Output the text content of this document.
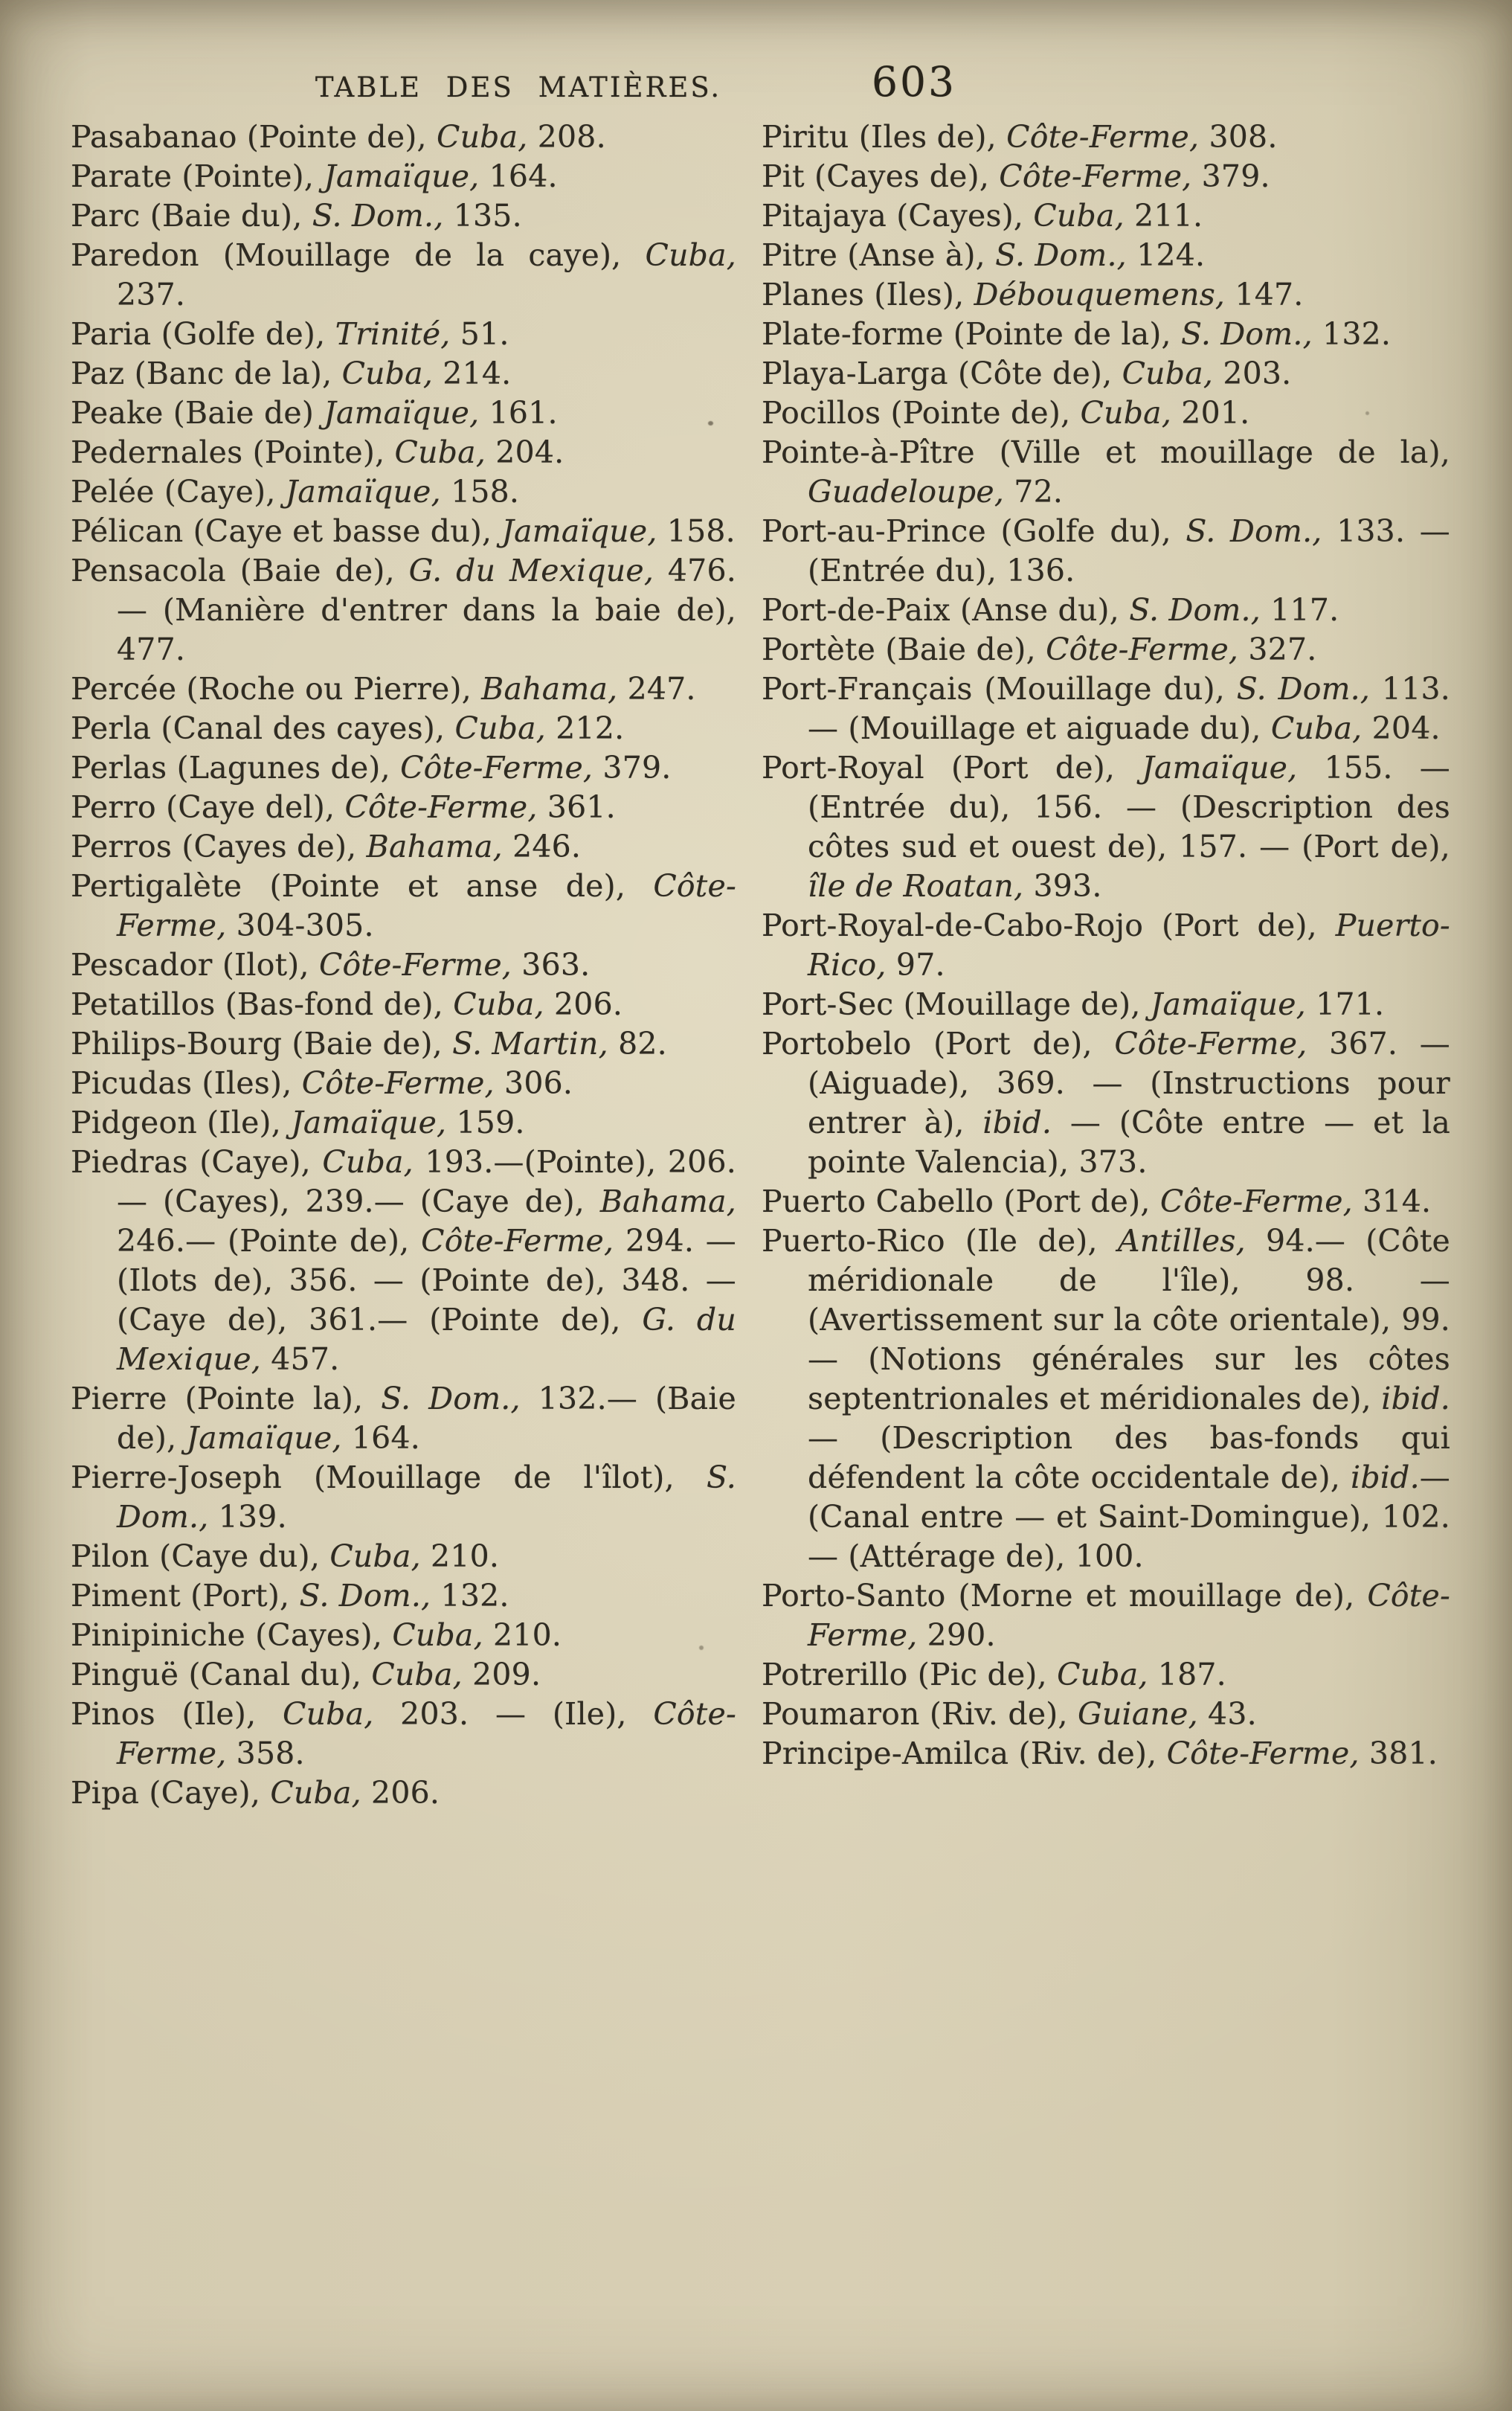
TABLE DES MATIÈRES.	603

Pasabanao (Pointe de), Cuba, 208.

Parate (Pointe), Jamaïque, 164.

Parc (Baie du), S. Dom., 135.

Paredon (Mouillage de la caye), Cuba, 237.

Paria (Golfe de), Trinité, 51.

Paz (Banc de la), Cuba, 214.

Peake (Baie de) Jamaïque, 161.

Pedernales (Pointe), Cuba, 204.

Pelée (Caye), Jamaïque, 158.

Pélican (Caye et basse du), Jamaïque, 158.

Pensacola (Baie de), G. du Mexique, 476. — (Manière d'entrer dans la baie de), 477.

Percée (Roche ou Pierre), Bahama, 247.

Perla (Canal des cayes), Cuba, 212.

Perlas (Lagunes de), Côte-Ferme, 379.

Perro (Caye del), Côte-Ferme, 361.

Perros (Cayes de), Bahama, 246.

Pertigalète (Pointe et anse de), Côte-Ferme, 304-305.

Pescador (Ilot), Côte-Ferme, 363.

Petatillos (Bas-fond de), Cuba, 206.

Philips-Bourg (Baie de), S. Martin, 82.

Picudas (Iles), Côte-Ferme, 306.

Pidgeon (Ile), Jamaïque, 159.

Piedras (Caye), Cuba, 193.—(Pointe), 206.— (Cayes), 239.— (Caye de), Bahama, 246.— (Pointe de), Côte-Ferme, 294. — (Ilots de), 356. — (Pointe de), 348. — (Caye de), 361.— (Pointe de), G. du Mexique, 457.

Pierre (Pointe la), S. Dom., 132.— (Baie de), Jamaïque, 164.

Pierre-Joseph (Mouillage de l'îlot), S. Dom., 139.

Pilon (Caye du), Cuba, 210.

Piment (Port), S. Dom., 132.

Pinipiniche (Cayes), Cuba, 210.

Pinguë (Canal du), Cuba, 209.

Pinos (Ile), Cuba, 203. — (Ile), Côte-Ferme, 358.

Pipa (Caye), Cuba, 206.

Piritu (Iles de), Côte-Ferme, 308.

Pit (Cayes de), Côte-Ferme, 379.

Pitajaya (Cayes), Cuba, 211.

Pitre (Anse à), S. Dom., 124.

Planes (Iles), Débouquemens, 147.

Plate-forme (Pointe de la), S. Dom., 132.

Playa-Larga (Côte de), Cuba, 203.

Pocillos (Pointe de), Cuba, 201.

Pointe-à-Pître (Ville et mouillage de la), Guadeloupe, 72.

Port-au-Prince (Golfe du), S. Dom., 133. — (Entrée du), 136.

Port-de-Paix (Anse du), S. Dom., 117.

Portète (Baie de), Côte-Ferme, 327.

Port-Français (Mouillage du), S. Dom., 113. — (Mouillage et aiguade du), Cuba, 204.

Port-Royal (Port de), Jamaïque, 155. — (Entrée du), 156. — (Description des côtes sud et ouest de), 157. — (Port de), île de Roatan, 393.

Port-Royal-de-Cabo-Rojo (Port de), Puerto-Rico, 97.

Port-Sec (Mouillage de), Jamaïque, 171.

Portobelo (Port de), Côte-Ferme, 367. — (Aiguade), 369. — (Instructions pour entrer à), ibid. — (Côte entre — et la pointe Valencia), 373.

Puerto Cabello (Port de), Côte-Ferme, 314.

Puerto-Rico (Ile de), Antilles, 94.— (Côte méridionale de l'île), 98. — (Avertissement sur la côte orientale), 99. — (Notions générales sur les côtes septentrionales et méridionales de), ibid. — (Description des bas-fonds qui défendent la côte occidentale de), ibid.— (Canal entre — et Saint-Domingue), 102. — (Attérage de), 100.

Porto-Santo (Morne et mouillage de), Côte-Ferme, 290.

Potrerillo (Pic de), Cuba, 187.

Poumaron (Riv. de), Guiane, 43.

Principe-Amilca (Riv. de), Côte-Ferme, 381.
